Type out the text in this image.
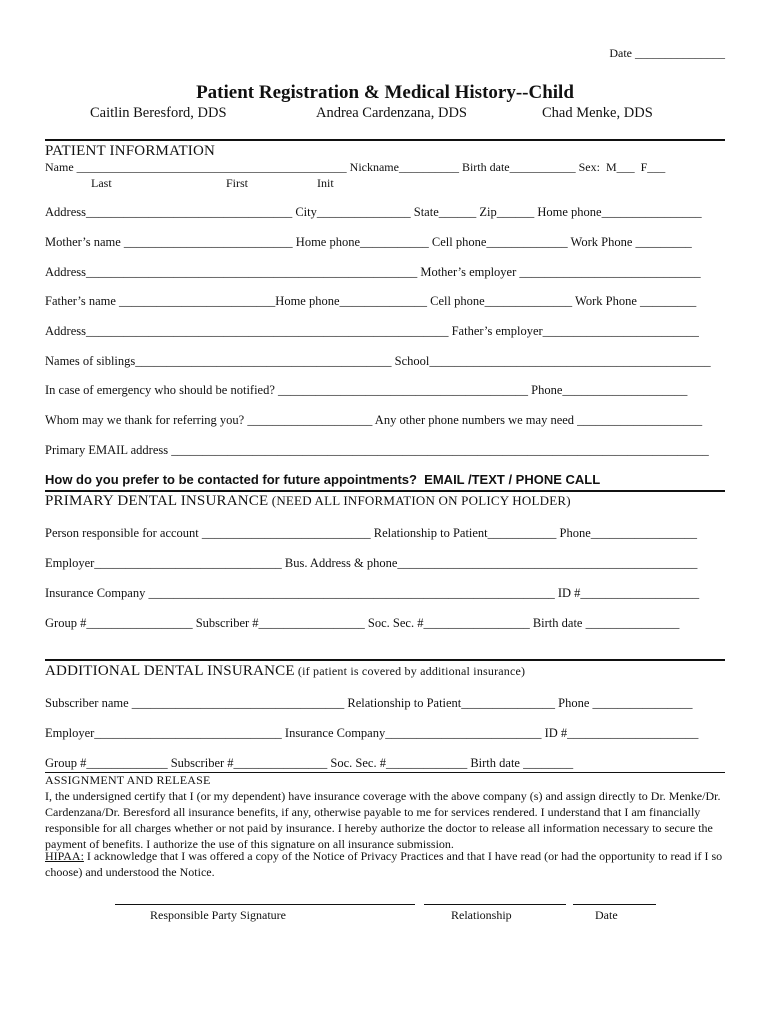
Date _______________
Patient Registration & Medical History--Child
Caitlin Beresford, DDS	Andrea Cardenzana, DDS	Chad Menke, DDS
PATIENT INFORMATION
Name _____________________________________________ Nickname__________ Birth date___________ Sex:  M___  F___
Last	First	Init
Address_________________________________ City_______________ State______ Zip______ Home phone________________
Mother’s name ___________________________ Home phone___________ Cell phone_____________ Work Phone _________
Address_____________________________________________________ Mother’s employer _____________________________
Father’s name _________________________Home phone______________ Cell phone______________ Work Phone _________
Address__________________________________________________________ Father’s employer_________________________
Names of siblings_________________________________________ School_____________________________________________
In case of emergency who should be notified? ________________________________________ Phone____________________
Whom may we thank for referring you? ____________________ Any other phone numbers we may need ____________________
Primary EMAIL address ______________________________________________________________________________________
How do you prefer to be contacted for future appointments?  EMAIL /TEXT / PHONE CALL
PRIMARY DENTAL INSURANCE (NEED ALL INFORMATION ON POLICY HOLDER)
Person responsible for account ___________________________ Relationship to Patient___________ Phone_________________
Employer______________________________ Bus. Address & phone________________________________________________
Insurance Company _________________________________________________________________ ID #___________________
Group #_________________ Subscriber #_________________ Soc. Sec. #_________________ Birth date _______________
ADDITIONAL DENTAL INSURANCE (if patient is covered by additional insurance)
Subscriber name __________________________________ Relationship to Patient_______________ Phone ________________
Employer______________________________ Insurance Company_________________________ ID #_____________________
Group #_____________ Subscriber #_______________ Soc. Sec. #_____________ Birth date ________
ASSIGNMENT AND RELEASE
I, the undersigned certify that I (or my dependent) have insurance coverage with the above company (s) and assign directly to Dr. Menke/Dr. Cardenzana/Dr. Beresford all insurance benefits, if any, otherwise payable to me for services rendered. I understand that I am financially responsible for all charges whether or not paid by insurance. I hereby authorize the doctor to release all information necessary to secure the payment of benefits. I authorize the use of this signature on all insurance submission.
HIPAA: I acknowledge that I was offered a copy of the Notice of Privacy Practices and that I have read (or had the opportunity to read if I so choose) and understood the Notice.
Responsible Party Signature	Relationship	Date
